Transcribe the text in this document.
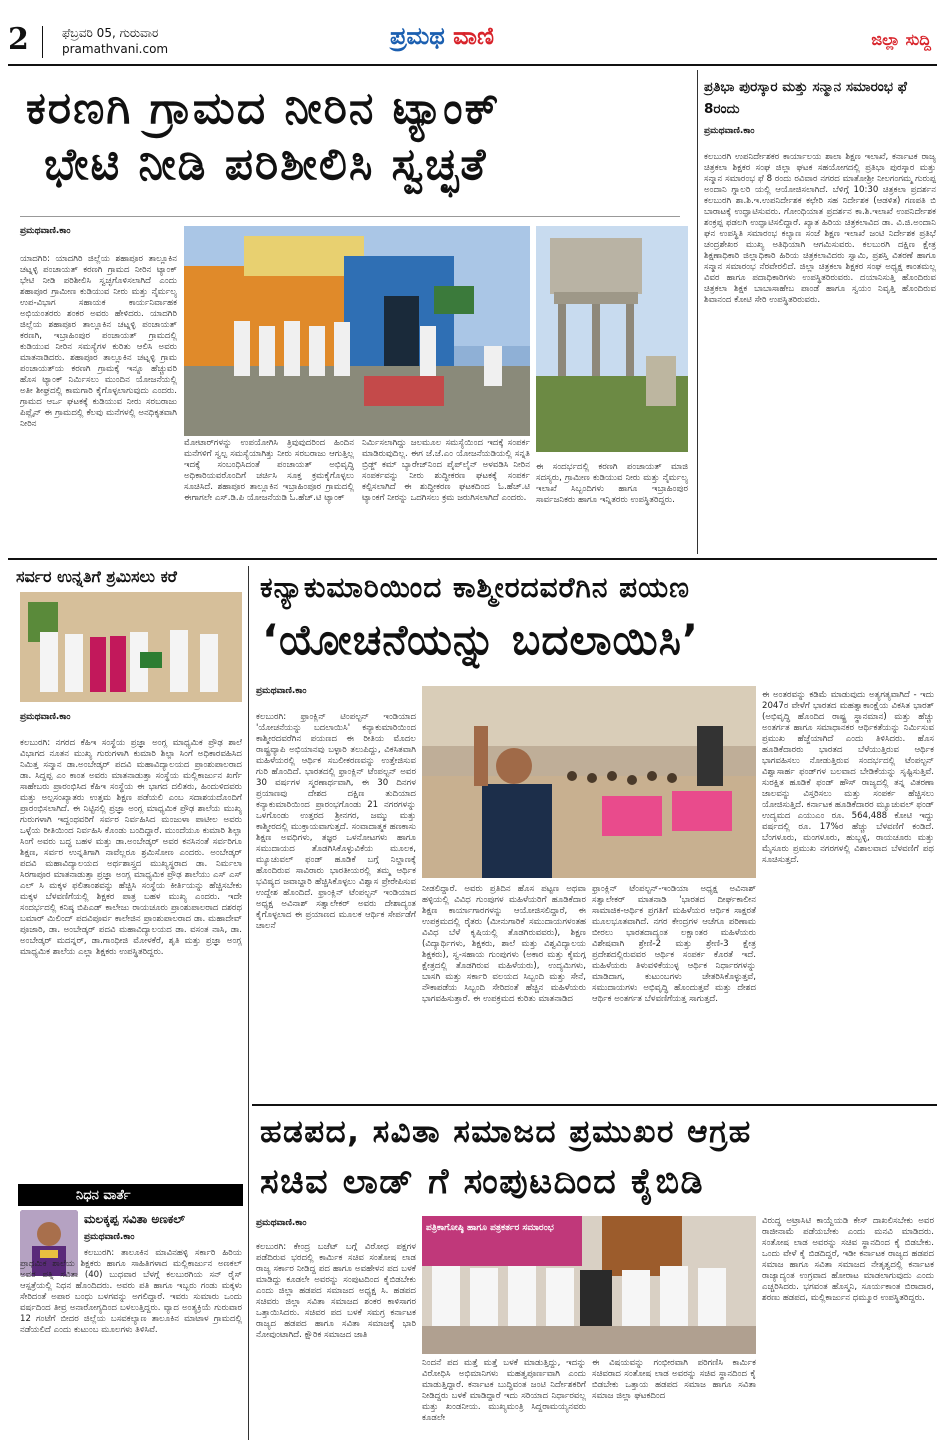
2	ಫೆಬ್ರವರಿ 05, ಗುರುವಾರ
pramathvani.com	ಪ್ರಮಥ ವಾಣಿ	ಜಿಲ್ಲಾ ಸುದ್ದಿ
ಕರಣಗಿ ಗ್ರಾಮದ ನೀರಿನ ಟ್ಯಾಂಕ್
ಭೇಟಿ ನೀಡಿ ಪರಿಶೀಲಿಸಿ ಸ್ವಚ್ಛತೆ
ಪ್ರಮಥವಾಣಿ.ಕಾಂ
ಯಾದಗಿರಿ: ಯಾದಗಿರಿ ಜಿಲ್ಲೆಯ ಶಹಾಪೂರ ತಾಲ್ಲೂಕಿನ ಚಟ್ನಳ್ಳಿ ಪಂಚಾಯತ್ ಕರಣಗಿ ಗ್ರಾಮದ ನೀರಿನ ಟ್ಯಾಂಕ್ ಭೇಟಿ ನೀಡಿ ಪರಿಶೀಲಿಸಿ ಸ್ವಚ್ಛಗೊಳಿಸಲಾಗಿದೆ ಎಂದು ಶಹಾಪೂರ ಗ್ರಾಮೀಣ ಕುಡಿಯುವ ನೀರು ಮತ್ತು ನೈರ್ಮಲ್ಯ ಉಪ-ವಿಭಾಗ ಸಹಾಯಕ ಕಾರ್ಯನಿರ್ವಾಹಕ ಅಭಿಯಂತರರು ಶಂಕರ ಅವರು ಹೇಳಿದರು. ಯಾದಗಿರಿ ಜಿಲ್ಲೆಯ ಶಹಾಪೂರ ತಾಲ್ಲೂಕಿನ ಚಟ್ನಳ್ಳಿ ಪಂಚಾಯತ್ ಕರಣಗಿ, ಇಬ್ರಾಹಿಂಪುರ ಪಂಚಾಯತ್ ಗ್ರಾಮದಲ್ಲಿ ಕುಡಿಯುವ ನೀರಿನ ಸಮಸ್ಯೆಗಳ ಕುರಿತು ಆಲಿಸಿ ಅವರು ಮಾತನಾಡಿದರು. ಶಹಾಪೂರ ತಾಲ್ಲೂಕಿನ ಚಟ್ನಳ್ಳಿ ಗ್ರಾಮ ಪಂಚಾಯತ್‌ಯ ಕರಣಗಿ ಗ್ರಾಮಕ್ಕೆ ಇನ್ನೂ ಹೆಚ್ಚುವರಿ ಹೊಸ ಟ್ಯಾಂಕ್ ನಿರ್ಮಿಸಲು ಮುಂದಿನ ಯೋಜನೆಯಲ್ಲಿ ಅತೀ ಶೀಘ್ರದಲ್ಲಿ ಕಾಮಗಾರಿ ಕೈಗೊಳ್ಳಲಾಗುವುದು ಎಂದರು. ಗ್ರಾಮದ ಆರ್ಒ ಘಟಕಕ್ಕೆ ಕುಡಿಯುವ ನೀರು ಸರಬರಾಜು ಪಿಪ್ಲೈನ್ ಈ ಗ್ರಾಮದಲ್ಲಿ ಕೆಲವು ಮನೆಗಳಲ್ಲಿ ಅನಧಿಕೃತವಾಗಿ ನೀರಿನ
ಮೋಟಾರ್‌ಗಳನ್ನು ಉಪಯೋಗಿಸಿ ತ್ರಿವುವುದರಿಂದ ಹಿಂದಿನ ಮನೆಗಳಿಗೆ ಸ್ವಲ್ಪ ಸಮಸ್ಯೆಯಾಗಿತ್ತು ನೀರು ಸರಬರಾಜು ಆಗುತ್ತಿಲ್ಲ ಇದಕ್ಕೆ ಸಂಬಂಧಿಸಿದಂತೆ ಪಂಚಾಯತ್ ಅಭಿವೃದ್ಧಿ ಅಧಿಕಾರಿಯವರೊಂದಿಗೆ ಚರ್ಚಿಸಿ ಸೂಕ್ತ ಕ್ರಮಕೈಗೊಳ್ಳಲು ಸೂಚಿಸಿದೆ. ಶಹಾಪೂರ ತಾಲ್ಲೂಕಿನ ಇಬ್ರಾಹಿಂಪೂರ ಗ್ರಾಮದಲ್ಲಿ ಈಗಾಗಲೇ ಎಸ್.ಡಿ.ಪಿ ಯೋಜನೆಯಡಿ ಓ.ಹೆಚ್.ಟಿ ಟ್ಯಾಂಕ್
ನಿರ್ಮಿಸಲಾಗಿದ್ದು ಜಲಮೂಲ ಸಮಸ್ಯೆಯಿಂದ ಇದಕ್ಕೆ ಸಂಪರ್ಕ ಮಾಡಿರುವುದಿಲ್ಲ. ಈಗ ಜೆ.ಜೆ.ಎಂ ಯೋಜನೆಯಡಿಯಲ್ಲಿ ಸನ್ನತಿ ಬ್ರಿಡ್ಜ್ ಕಮ್ ಬ್ಯಾರೇಜ್‌ನಿಂದ ಪೈಪ್‌ಲೈನ್ ಅಳವಡಿಸಿ ನೀರಿನ ಸಂಪರ್ಕವನ್ನು ನೀರು ಶುದ್ಧೀಕರಣ ಘಟಕಕ್ಕೆ ಸಂಪರ್ಕ ಕಲ್ಪಿಸಲಾಗಿದೆ ಈ ಶುದ್ಧೀಕರಣ ಘಟಕದಿಂದ ಓ.ಹೆಚ್.ಟಿ ಟ್ಯಾಂಕಗೆ ನೀರನ್ನು ಒದಗಿಸಲು ಕ್ರಮ ಜರುಗಿಸಲಾಗಿದೆ ಎಂದರು.
ಈ ಸಂದರ್ಭದಲ್ಲಿ ಕರಣಗಿ ಪಂಚಾಯತ್ ಮಾಜಿ ಸದಸ್ಯರು, ಗ್ರಾಮೀಣ ಕುಡಿಯುವ ನೀರು ಮತ್ತು ನೈರ್ಮಲ್ಯ ಇಲಾಖೆ ಸಿಬ್ಬಂದಿಗಳು ಹಾಗೂ ಇಬ್ರಾಹಿಂಪುರ ಸಾರ್ವಜನಿಕರು ಹಾಗೂ ಇನ್ನಿತರರು ಉಪಸ್ಥಿತರಿದ್ದರು.
ಪ್ರತಿಭಾ ಪುರಸ್ಕಾರ ಮತ್ತು ಸನ್ಮಾನ ಸಮಾರಂಭ ಫೆ 8ರಂದು
ಪ್ರಮಥವಾಣಿ.ಕಾಂ
ಕಲಬುರಗಿ ಉಪನಿರ್ದೇಶಕರ ಕಾರ್ಯಾಲಯ ಶಾಲಾ ಶಿಕ್ಷಣ ಇಲಾಖೆ, ಕರ್ನಾಟಕ ರಾಜ್ಯ ಚಿತ್ರಕಲಾ ಶಿಕ್ಷಕರ ಸಂಘ ಜಿಲ್ಲಾ ಘಟಕ ಸಹಯೋಗದಲ್ಲಿ ಪ್ರತಿಭಾ ಪುರಸ್ಕಾರ ಮತ್ತು ಸನ್ಮಾನ ಸಮಾರಂಭ ಫೆ 8 ರಂದು ರವಿವಾರ ನಗರದ ಮಾತೋಶ್ರೀ ನೀಲಗಂಗಮ್ಮ ಗುರುಪ್ಪ ಅಂದಾನಿ ಗ್ನಾಲರಿ ಯಲ್ಲಿ ಆಯೋಜಿಸಲಾಗಿದೆ. ಬೆಳಿಗ್ಗೆ 10:30 ಚಿತ್ರಕಲಾ ಪ್ರದರ್ಶನ ಕಲಬುರಗಿ ಶಾ.ಶಿ.ಇ.ಉಪನಿರ್ದೇಶಕ ಕಛೇರಿ ಸಹ ನಿರ್ದೇಶಕ (ಆಡಳಿತ) ಗಣಪತಿ ಬಿ ಬಾರಾಟಕ್ಕೆ ಉದ್ಘಾಟಿಸುವರು. ಗೋಂಧಿಯಾತ ಪ್ರದರ್ಶನ ಕಾ.ಶಿ.ಇಲಾಖೆ ಉಪನಿರ್ದೇಶಕ ಶಂಕ್ರಪ್ಪ ಫಡಲಗಿ ಉದ್ಘಾಟಿಸಲಿದ್ದಾರೆ. ಖ್ಯಾತ ಹಿರಿಯ ಚಿತ್ರಕಲಾವಿದ ಡಾ. ವಿ.ಜಿ.ಅಂದಾನಿ ಘನ ಉಪಸ್ಥಿತಿ ಸಮಾರಂಭ ಕಲ್ಯಾಣ ಸಂಜೆ ಶಿಕ್ಷಣ ಇಲಾಖೆ ಜಂಟಿ ನಿರ್ದೇಶಕ ಪ್ರತಿಭೆ ಚಂದ್ರಶೇಖರ ಮುಖ್ಯ ಅತಿಥಿಯಾಗಿ ಆಗಮಿಸುವರು. ಕಲಬುರಗಿ ದಕ್ಷಿಣ ಕ್ಷೇತ್ರ ಶಿಕ್ಷಣಾಧಿಕಾರಿ ಜಿಲ್ಲಾಧಿಕಾರಿ ಹಿರಿಯ ಚಿತ್ರಕಲಾವಿದರು ಸ್ವಾಮಿ, ಪ್ರಶಸ್ತಿ ವಿತರಣೆ ಹಾಗೂ ಸನ್ಮಾನ ಸಮಾರಂಭ ನೆರವೇರಲಿದೆ. ಜಿಲ್ಲಾ ಚಿತ್ರಕಲಾ ಶಿಕ್ಷಕರ ಸಂಘ ಅಧ್ಯಕ್ಷ ಕಾಂತಮಲ್ಲ ವಿವರ ಹಾಗೂ ಪದಾಧಿಕಾರಿಗಳು ಉಪಸ್ಥಿತರಿರುವರು. ದಯಾನಿಸುತ್ತಿ ಹೊಂದಿರುವ ಚಿತ್ರಕಲಾ ಶಿಕ್ಷಕ ಬಾಬಾಸಾಹೇಬ ಪಾಂಡೆ ಹಾಗೂ ಸ್ವಯಂ ನಿವೃತ್ತಿ ಹೊಂದಿರುವ ಶಿವಾನಂದ ಕೋಟಿ ಸೇರಿ ಉಪಸ್ಥಿತರಿರುವರು.
ಸರ್ವರ ಉನ್ನತಿಗೆ ಶ್ರಮಿಸಲು ಕರೆ
ಪ್ರಮಥವಾಣಿ.ಕಾಂ
ಕಲಬುರಗಿ: ನಗರದ ಕೆಹಿಇ ಸಂಸ್ಥೆಯ ಪ್ರಜ್ಞಾ ಅಂಗ್ಲ ಮಾಧ್ಯಮಿಕ ಪ್ರೌಢ ಶಾಲೆ ವಿಭಾಗದ ನೂತನ ಮುಖ್ಯ ಗುರುಗಳಾಗಿ ಕುಮಾರಿ ಶಿಲ್ಪಾ ಸಿಂಗೆ ಅಧಿಕಾರವಹಿಸಿದ ನಿಮಿತ್ತ ಸನ್ಮಾನ ಡಾ.ಅಂಬೇಡ್ಕರ್ ಪದವಿ ಮಹಾವಿದ್ಯಾಲಯದ ಪ್ರಾಂಶುಪಾಲರಾದ ಡಾ. ಸಿದ್ದಪ್ಪ ಎಂ ಕಾಂತ ಅವರು ಮಾತನಾಡುತ್ತಾ ಸಂಸ್ಥೆಯ ಮಲ್ಲಿಕಾರ್ಜುನ ಖರ್ಗೆ ಸಾಹೇಬರು ಪ್ರಾರಂಭಿಸಿದ ಕೆಹಿಇ ಸಂಸ್ಥೆಯ ಈ ಭಾಗದ ದಲಿತರು, ಹಿಂದುಳಿದವರು ಮತ್ತು ಅಲ್ಪಸಂಖ್ಯಾತರು ಉತ್ತಮ ಶಿಕ್ಷಣ ಪಡೆಯಲಿ ಎಂಬ ಸದಾಶಯದೊಂದಿಗೆ ಪ್ರಾರಂಭಿಸಲಾಗಿದೆ. ಈ ನಿಟ್ಟಿನಲ್ಲಿ ಪ್ರಜ್ಞಾ ಅಂಗ್ಲ ಮಾಧ್ಯಮಿಕ ಪ್ರೌಢ ಶಾಲೆಯ ಮುಖ್ಯ ಗುರುಗಳಾಗಿ ಇದ್ದಂಥವರಿಗೆ ಸರ್ವರ ನಿರ್ವಹಿಸಿದ ಮಂಜುಳಾ ಪಾಟೀಲ ಅವರು ಒಳ್ಳೆಯ ರೀತಿಯಿಂದ ನಿರ್ವಹಿಸಿ ಕೊಂಡು ಬಂದಿದ್ದಾರೆ. ಮುಂದೆಯೂ ಕುಮಾರಿ ಶಿಲ್ಪಾ ಸಿಂಗೆ ಅವರು ಬದ್ಧ ಬಹಳ ಮತ್ತು ಡಾ.ಅಂಬೇಡ್ಕರ್ ಅವರ ಕನಸಿನಂತೆ ಸರ್ವರಿಗೂ ಶಿಕ್ಷಣ, ಸರ್ವರ ಉನ್ನತಿಗಾಗಿ ನಾವೆಲ್ಲರೂ ಶ್ರಮಿಸೋಣ ಎಂದರು. ಅಂಬೇಡ್ಕರ್ ಪದವಿ ಮಹಾವಿದ್ಯಾಲಯದ ಅರ್ಥಶಾಸ್ತ್ರದ ಮುಖ್ಯಸ್ಥರಾದ ಡಾ. ನಿರ್ಮಲಾ ಸಿರಗಾಪೂರ ಮಾತನಾಡುತ್ತಾ ಪ್ರಜ್ಞಾ ಅಂಗ್ಲ ಮಾಧ್ಯಮಿಕ ಪ್ರೌಢ ಶಾಲೆಯು ಎಸ್ ಎಸ್ ಎಲ್ ಸಿ ಮಕ್ಕಳ ಫಲಿತಾಂಶವನ್ನು ಹೆಚ್ಚಿಸಿ ಸಂಸ್ಥೆಯ ಕೀರ್ತಿಯನ್ನು ಹೆಚ್ಚಿಸಬೇಕು ಮಕ್ಕಳ ಬೆಳವಣಿಗೆಯಲ್ಲಿ ಶಿಕ್ಷಕರ ಪಾತ್ರ ಬಹಳ ಮುಖ್ಯ ಎಂದರು. ಇದೇ ಸಂದರ್ಭದಲ್ಲಿ ಕನಿಷ್ಠ ಬಿಪಿಎಡ್ ಕಾಲೇಜು ರಾಯಚೂರು ಪ್ರಾಂಶುಪಾಲರಾದ ದಶರಥ ಬಮಾರ್‌ ಮಿಲಿಂದ್ ಪದವಿಪೂರ್ವ ಕಾಲೇಜಿನ ಪ್ರಾಂಶುಪಾಲರಾದ ಡಾ. ಮಹಾದೇವ್ ಪೂಜಾರಿ, ಡಾ. ಅಂಬೇಡ್ಕರ್ ಪದವಿ ಮಹಾವಿದ್ಯಾಲಯದ ಡಾ. ವಸಂತ ನಾಸಿ, ಡಾ. ಅಂಬೇಡ್ಕರ್ ಮದನ್ನರ್, ಡಾ.ಗಾಂಧೀಜಿ ಮೋಳಕೆರೆ, ಶೃತಿ ಮತ್ತು ಪ್ರಜ್ಞಾ ಅಂಗ್ಲ ಮಾಧ್ಯಮಿಕ ಶಾಲೆಯ ಎಲ್ಲಾ ಶಿಕ್ಷಕರು ಉಪಸ್ಥಿತರಿದ್ದರು.
ನಿಧನ ವಾರ್ತೆ
ಮಲಕ್ಕಪ್ಪ ಸವಿತಾ ಅಣಕಲ್
ಪ್ರಮಥವಾಣಿ.ಕಾಂ
ಕಲಬುರಗಿ: ತಾಲೂಕಿನ ಮಾವಿನಹಳ್ಳಿ ಸರ್ಕಾರಿ ಹಿರಿಯ ಪ್ರಾಥಮಿಕ ಶಾಲೆಯ ಶಿಕ್ಷಕರು ಹಾಗೂ ಸಾಹಿತಿಗಳಾದ ಮಲ್ಲಿಕಾರ್ಜುನ ಅಣಕಲ್ ಅವರ ಪತ್ನಿ ಸವಿತಾ (40) ಬುಧವಾರ ಬೆಳಗ್ಗೆ ಕಲಬುರಗಿಯ ಸನ್ ರೈಸ್ ಆಸ್ಪತ್ರೆಯಲ್ಲಿ ನಿಧನ ಹೊಂದಿದರು. ಅವರು ಪತಿ ಹಾಗೂ ಇಬ್ಬರು ಗಂಡು ಮಕ್ಕಳು ಸೇರಿದಂತೆ ಅಪಾರ ಬಂಧು ಬಳಗವನ್ನು ಅಗಲಿದ್ದಾರೆ. ಇವರು ಸುಮಾರು ಒಂದು ವರ್ಷದಿಂದ ತೀವ್ರ ಅನಾರೋಗ್ಯದಿಂದ ಬಳಲುತ್ತಿದ್ದರು. ವ್ಯಾದ ಅಂತ್ಯಕ್ರಿಯೆ ಗುರುವಾರ 12 ಗಂಟೆಗೆ ಬೀದರ ಜಿಲ್ಲೆಯ ಬಸವಕಲ್ಯಾಣ ತಾಲೂಕಿನ ಮಾಟಾಳ ಗ್ರಾಮದಲ್ಲಿ ನಡೆಯಲಿದೆ ಎಂದು ಕುಟುಂಬ ಮೂಲಗಳು ತಿಳಿಸಿವೆ.
ಕನ್ಯಾಕುಮಾರಿಯಿಂದ ಕಾಶ್ಮೀರದವರೆಗಿನ ಪಯಣ
‘ಯೋಚನೆಯನ್ನು ಬದಲಾಯಿಸಿ’
ಪ್ರಮಥವಾಣಿ.ಕಾಂ
ಕಲಬುರಗಿ: ಫ್ರಾಂಕ್ಲಿನ್ ಟಿಂಪಲ್ಟನ್ ಇಂಡಿಯಾದ 'ಯೋಚನೆಯನ್ನು ಬದಲಾಯಿಸಿ' ಕನ್ಯಾಕುಮಾರಿಯಿಂದ ಕಾಶ್ಮೀರದವರೆಗಿನ ಪಯಣದ ಈ ರೀತಿಯ ಮೊದಲ ರಾಷ್ಟ್ರವ್ಯಾಪಿ ಅಭಿಯಾನವು ಬಳ್ಳಾರಿ ತಲುಪಿದ್ದು, ವಿಕಸಿತವಾಗಿ ಮಹಿಳೆಯರಲ್ಲಿ ಆರ್ಥಿಕ ಸಬಲೀಕರಣವನ್ನು ಉತ್ತೇಜಿಸುವ ಗುರಿ ಹೊಂದಿದೆ. ಭಾರತದಲ್ಲಿ ಫ್ರಾಂಕ್ಲಿನ್ ಟೆಂಪಲ್ಟನ್ ಅವರ 30 ವರ್ಷಗಳ ಸ್ಮರಣಾರ್ಥವಾಗಿ, ಈ 30 ದಿನಗಳ ಪ್ರಯಾಣವು ದೇಶದ ದಕ್ಷಿಣ ತುದಿಯಾದ ಕನ್ಯಾಕುಮಾರಿಯಿಂದ ಪ್ರಾರಂಭಗೊಂಡು 21 ನಗರಗಳನ್ನು ಒಳಗೊಂಡು ಉತ್ತರದ ಶ್ರೀನಗರ, ಜಮ್ಮು ಮತ್ತು ಕಾಶ್ಮೀರದಲ್ಲಿ ಮುಕ್ತಾಯವಾಗುತ್ತದೆ. ಸಂವಾದಾತ್ಮಕ ಹಣಕಾಸು ಶಿಕ್ಷಣ ಅವಧಿಗಳು, ತಜ್ಞರ ಒಳನೋಟಗಳು ಹಾಗೂ ಸಮುದಾಯದ ತೊಡಗಿಸಿಕೊಳ್ಳುವಿಕೆಯ ಮೂಲಕ, ಮ್ಯೂಚುವಲ್ ಫಂಡ್ ಹೂಡಿಕೆ ಬಗ್ಗೆ ನಿಲ್ದಾಣಕ್ಕೆ ಹೊಂದಿರುವ ಸಾವಿರಾರು ಭಾರತೀಯರಲ್ಲಿ ತಮ್ಮ ಆರ್ಥಿಕ ಭವಿಷ್ಯದ ಜವಾಬ್ದಾರಿ ಹೆಚ್ಚಿಸಿಕೊಳ್ಳಲು ವಿಶ್ವಾಸ ಪ್ರೇರೇಪಿಸುವ ಉದ್ದೇಶ ಹೊಂದಿದೆ. ಫ್ರಾಂಕ್ಲಿನ್ ಟೆಂಪಲ್ಟನ್ ಇಂಡಿಯಾದ ಅಧ್ಯಕ್ಷ ಅವಿನಾಶ್ ಸತ್ವಾಲೇಕರ್ ಅವರು ದೇಶಾದ್ಯಂತ ಕೈಗೊಳ್ಳಲಾದ ಈ ಪ್ರಯಾಣದ ಮೂಲಕ ಆರ್ಥಿಕ ಸೇರ್ಪಡೆಗೆ ಚಾಲನೆ
ನೀಡಲಿದ್ದಾರೆ. ಅವರು ಪ್ರತಿದಿನ ಹೊಸ ಪಟ್ಟಣ ಅಥವಾ ಹಳ್ಳಿಯಲ್ಲಿ ವಿವಿಧ ಗುಂಪುಗಳ ಮಹಿಳೆಯರಿಗೆ ಹೂಡಿಕೆದಾರ ಶಿಕ್ಷಣ ಕಾರ್ಯಾಗಾರಗಳನ್ನು ಆಯೋಜಿಸಲಿದ್ದಾರೆ, ಈ ಉಪಕ್ರಮದಲ್ಲಿ ರೈತರು (ಮೀನುಗಾರಿಕೆ ಸಮುದಾಯಗಳಂತಹ ವಿವಿಧ ಬೆಳೆ ಕೃಷಿಯಲ್ಲಿ ತೊಡಗಿರುವವರು), ಶಿಕ್ಷಣ (ವಿದ್ಯಾರ್ಥಿಗಳು, ಶಿಕ್ಷಕರು, ಶಾಲೆ ಮತ್ತು ವಿಶ್ವವಿದ್ಯಾಲಯ ಶಿಕ್ಷಕರು), ಸ್ವ-ಸಹಾಯ ಗುಂಪುಗಳು (ಅಕಾರ ಮತ್ತು ಕೈಮಗ್ಗ ಕ್ಷೇತ್ರದಲ್ಲಿ ತೊಡಗಿರುವ ಮಹಿಳೆಯರು), ಉದ್ಯಮಿಗಳು, ಬಾಸಗಿ ಮತ್ತು ಸರ್ಕಾರಿ ವಲಯದ ಸಿಬ್ಬಂದಿ ಮತ್ತು ಸೇನೆ, ನೌಕಾಪಡೆಯ ಸಿಬ್ಬಂದಿ ಸೇರಿದಂತೆ ಹೆಚ್ಚಿನ ಮಹಿಳೆಯರು ಭಾಗವಹಿಸುತ್ತಾರೆ. ಈ ಉಪಕ್ರಮದ ಕುರಿತು ಮಾತನಾಡಿದ
ಫ್ರಾಂಕ್ಲಿನ್ ಟೆಂಪಲ್ಟನ್-ಇಂಡಿಯಾ ಅಧ್ಯಕ್ಷ ಅವಿನಾಶ್ ಸತ್ವಾಲೇಕರ್ ಮಾತನಾಡಿ 'ಭಾರತದ ದೀರ್ಘಕಾಲೀನ ಸಾಮಾಜಿಕ-ಆರ್ಥಿಕ ಪ್ರಗತಿಗೆ ಮಹಿಳೆಯರ ಆರ್ಥಿಕ ಸಾಕ್ಷರತೆ ಮೂಲಭೂತವಾಗಿದೆ. ನಗರ ಕೇಂದ್ರಗಳ ಆಚೆಗೂ ಪರಿಣಾಮ ಬೀರಲು ಭಾರತದಾದ್ಯಂತ ಲಕ್ಷಾಂತರ ಮಹಿಳೆಯರು ವಿಶೇಷವಾಗಿ ಶ್ರೇಣಿ-2 ಮತ್ತು ಶ್ರೇಣಿ-3 ಕ್ಷೇತ್ರ ಪ್ರದೇಶದಲ್ಲಿರುವವರ ಆರ್ಥಿಕ ಸಂಪರ್ಕ ಕೊರತೆ ಇದೆ. ಮಹಿಳೆಯರು ತಿಳುವಳಿಕೆಯುಳ್ಳ ಆರ್ಥಿಕ ನಿರ್ಧಾರಗಳನ್ನು ಮಾಡಿದಾಗ, ಕುಟುಂಬಗಳು ಚೇತರಿಸಿಕೊಳ್ಳುತ್ತವೆ, ಸಮುದಾಯಗಳು ಅಭಿವೃದ್ಧಿ ಹೊಂದುತ್ತವೆ ಮತ್ತು ದೇಶದ ಆರ್ಥಿಕ ಅಂತರ್ಗತ ಬೆಳವಣಿಗೆಯತ್ತ ಸಾಗುತ್ತದೆ.
ಈ ಅಂತರವನ್ನು ಕಡಿಮೆ ಮಾಡುವುದು ಅತ್ಯಗತ್ಯವಾಗಿದೆ - ಇದು 2047ರ ವೇಳೆಗೆ ಭಾರತದ ಮಹತ್ವಾಕಾಂಕ್ಷೆಯ ವಿಕಸಿತ ಭಾರತ್ (ಅಭಿವೃದ್ಧಿ ಹೊಂದಿದ ರಾಷ್ಟ್ರ ಸ್ಥಾನಮಾನ) ಮತ್ತು ಹೆಚ್ಚು ಅಂತರ್ಗತ ಹಾಗೂ ಸಮಾಧಾನಕರ ಆರ್ಥಿಕತೆಯನ್ನು ನಿರ್ಮಿಸುವ ಪ್ರಮುಖ ಹೆಜ್ಜೆಯಾಗಿದೆ ಎಂದು ತಿಳಿಸಿದರು. ಹೊಸ ಹೂಡಿಕೆದಾರರು ಭಾರತದ ಬೆಳೆಯುತ್ತಿರುವ ಆರ್ಥಿಕ ಭಾಗವಹಿಸಲು ನೋಡುತ್ತಿರುವ ಸಂದರ್ಭದಲ್ಲಿ ಟೆಂಪಲ್ಟನ್ ವಿಶ್ವಾಸಾರ್ಹ ಫಂಡ್‌ಗಳ ಬಲವಾದ ಬೇಡಿಕೆಯನ್ನು ಸೃಷ್ಟಿಸುತ್ತಿವೆ. ಸುರಕ್ಷಿತ ಹೂಡಿಕೆ ಫಂಡ್ ಹೌಸ್ ರಾಜ್ಯದಲ್ಲಿ ತನ್ನ ವಿತರಣಾ ಜಾಲವನ್ನು ವಿಸ್ತರಿಸಲು ಮತ್ತು ಸಂಪರ್ಕ ಹೆಚ್ಚಿಸಲು ಯೋಜಿಸುತ್ತಿದೆ. ಕರ್ನಾಟಕ ಹೂಡಿಕೆದಾರರ ಮ್ಯೂಚುವಲ್ ಫಂಡ್ ಉದ್ಯಮದ ಎಯುಎಂ ರೂ. 564,488 ಕೋಟಿ ಇದ್ದು ವರ್ಷದಲ್ಲಿ ರೂ. 17%ರ ಹೆಚ್ಚು ಬೆಳವಣಿಗೆ ಕಂಡಿದೆ. ಬೆಂಗಳೂರು, ಮಂಗಳೂರು, ಹುಬ್ಬಳ್ಳಿ, ರಾಯಚೂರು ಮತ್ತು ಮೈಸೂರು ಪ್ರಮುಖ ನಗರಗಳಲ್ಲಿ ವಿಶಾಲವಾದ ಬೆಳವಣಿಗೆ ಪಥ ಸೂಚಿಸುತ್ತದೆ.
ಹಡಪದ, ಸವಿತಾ ಸಮಾಜದ ಪ್ರಮುಖರ ಆಗ್ರಹ
ಸಚಿವ ಲಾಡ್ ಗೆ ಸಂಪುಟದಿಂದ ಕೈಬಿಡಿ
ಪ್ರಮಥವಾಣಿ.ಕಾಂ
ಕಲಬುರಗಿ: ಕೇಂದ್ರ ಬಜೆಟ್ ಬಗ್ಗೆ ವಿರೋಧ ಪಕ್ಷಗಳ ಪಡೆದಿರುವ ಭರದಲ್ಲಿ ಕಾರ್ಮಿಕ ಸಚಿವ ಸಂತೋಷ ಲಾಡ ರಾಜ್ಯ ಸರ್ಕಾರ ನೀಡಿದ್ದ ಪದ ಹಾಗೂ ಅವಹೇಳನ ಪದ ಬಳಕೆ ಮಾಡಿದ್ದು ಕೂಡಲೇ ಅವರನ್ನು ಸಂಪುಟದಿಂದ ಕೈಬಿಡಬೇಕು ಎಂದು ಜಿಲ್ಲಾ ಹಡಪದ ಸಮಾಜದ ಅಧ್ಯಕ್ಷ ಸಿ. ಹಡಪದ ಸಚಿವರು ಜಿಲ್ಲಾ ಸವಿತಾ ಸಮಾಜದ ಶಂಕರ ಕಾಳಿಸಾಗರ ಒತ್ತಾಯಿಸಿದರು. ಸಚಿವರ ಪದ ಬಳಕೆ ಸಮಗ್ರ ಕರ್ನಾಟಕ ರಾಜ್ಯದ ಹಡಪದ ಹಾಗೂ ಸವಿತಾ ಸಮಾಜಕ್ಕೆ ಭಾರಿ ನೋವುಂಟಾಗಿದೆ. ಕ್ಷೌರಿಕ ಸಮಾಜದ ಜಾತಿ
ಪತ್ರಿಕಾಗೋಷ್ಠಿ ಹಾಗೂ ಪತ್ರಕರ್ತರ ಸಮಾರಂಭ
ನಿಂದನೆ ಪದ ಮತ್ತೆ ಮತ್ತೆ ಬಳಕೆ ಮಾಡುತ್ತಿದ್ದು, ಇದನ್ನು ವಿರೋಧಿಸಿ ಅಭಿಮಾನಿಗಳು ಮಹತ್ವಪೂರ್ಣವಾಗಿ ಎಂದು ಮಾಡುತ್ತಿದ್ದಾರೆ. ಕರ್ನಾಟಕ ಬುದ್ಧಿವಂತ ಜಂಟಿ ನಿರ್ದೇಶಕರಿಗೆ ನೀಡಿದ್ದರು ಬಳಕೆ ಮಾಡಿದ್ದಾರೆ ಇದು ಸರಿಯಾದ ನಿರ್ಧಾರವಲ್ಲ ಮತ್ತು ಖಂಡನೀಯ. ಮುಖ್ಯಮಂತ್ರಿ ಸಿದ್ದರಾಮಯ್ಯನವರು ಕೂಡಲೇ
ಈ ವಿಷಯವನ್ನು ಗಂಭೀರವಾಗಿ ಪರಿಗಣಿಸಿ ಕಾರ್ಮಿಕ ಸಚಿವರಾದ ಸಂತೋಷ ಲಾಡ ಅವರನ್ನು ಸಚಿವ ಸ್ಥಾನದಿಂದ ಕೈ ಬಿಡಬೇಕು ಒತ್ತಾಯ ಹಡಪದ ಸಮಾಜ ಹಾಗೂ ಸವಿತಾ ಸಮಾಜ ಜಿಲ್ಲಾ ಘಟಕದಿಂದ
ವಿರುದ್ಧ ಅಟ್ರಾಸಿಟಿ ಕಾಯ್ದೆಯಡಿ ಕೇಸ್ ದಾಖಲಿಸಬೇಕು ಅವರ ರಾಜೀನಾಮೆ ಪಡೆಯಬೇಕು ಎಂದು ಮನವಿ ಮಾಡಿದರು. ಸಂತೋಷ ಲಾಡ ಅವರನ್ನು ಸಚಿವ ಸ್ಥಾನದಿಂದ ಕೈ ಬಿಡಬೇಕು. ಒಂದು ವೇಳೆ ಕೈ ಬಿಡದಿದ್ದರೆ, ಇಡೀ ಕರ್ನಾಟಕ ರಾಜ್ಯದ ಹಡಪದ ಸಮಾಜ ಹಾಗೂ ಸವಿತಾ ಸಮಾಜದ ನೇತೃತ್ವದಲ್ಲಿ ಕರ್ನಾಟಕ ರಾಜ್ಯಾದ್ಯಂತ ಉಗ್ರವಾದ ಹೋರಾಟ ಮಾಡಲಾಗುವುದು ಎಂದು ಎಚ್ಚರಿಸಿದರು. ಭಗವಂತ ಹೊಸ್ಮನಿ, ಸೂರ್ಯಕಾಂತ ಬಿರಾದಾರ, ಶರಣು ಹಡಪದ, ಮಲ್ಲಿಕಾರ್ಜುನ ಧಮ್ಮೂರ ಉಪಸ್ಥಿತರಿದ್ದರು.
